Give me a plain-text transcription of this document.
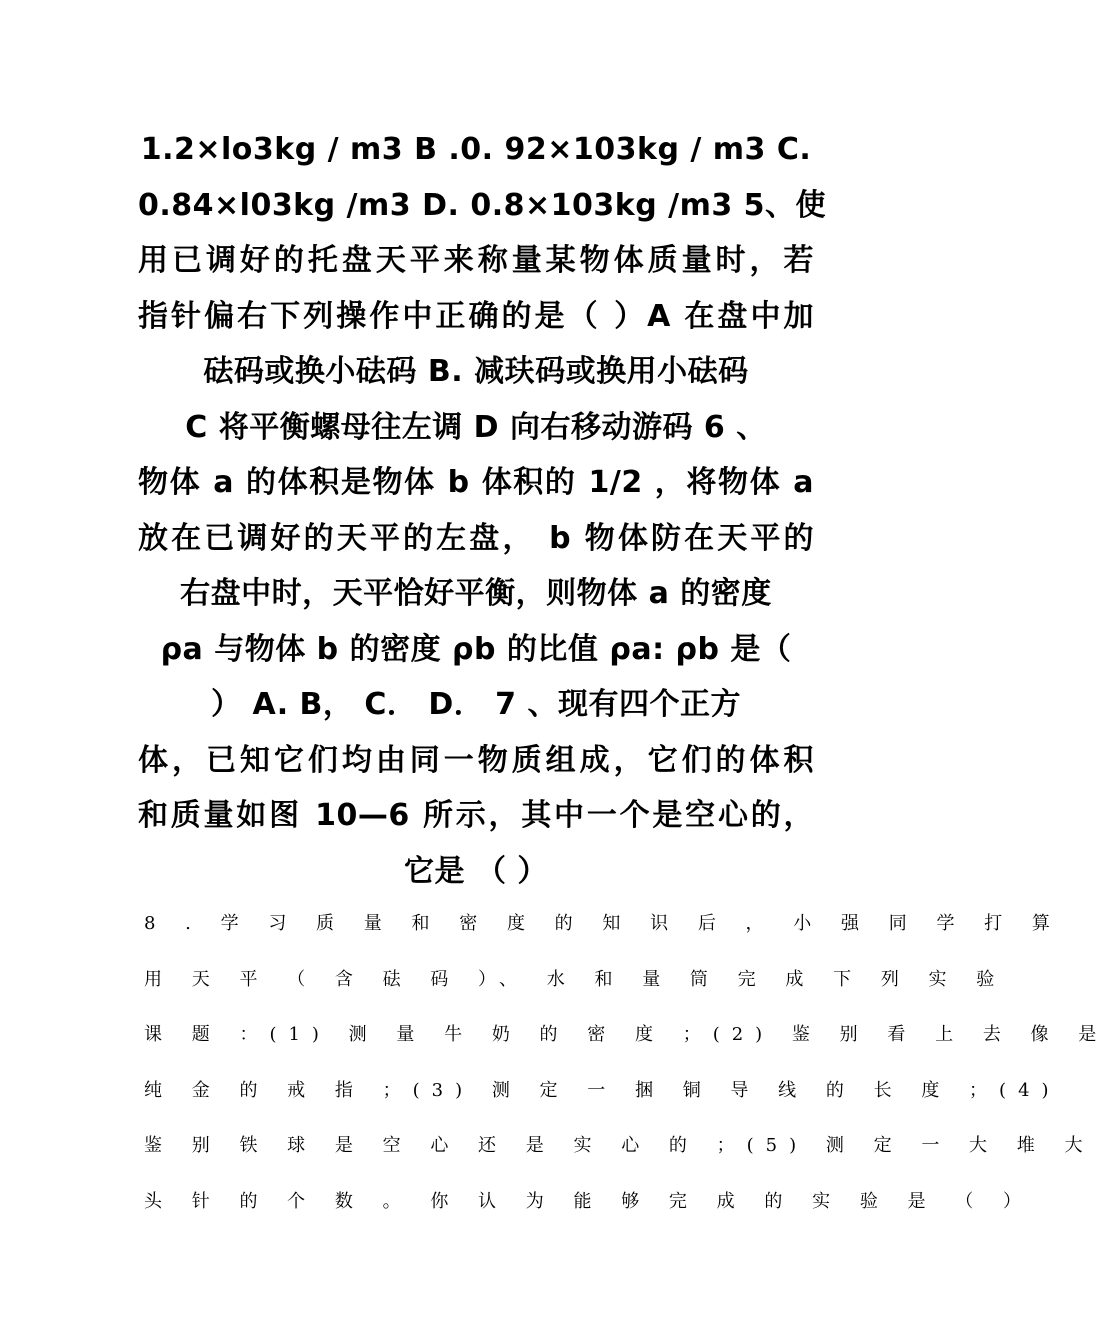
1.2×lo3kg / m3 B .0. 92×103kg / m3 C.
0.84×l03kg /m3 D. 0.8×103kg /m3 5、使
用已调好的托盘天平来称量某物体质量时，若
指针偏右下列操作中正确的是（ ）A 在盘中加
砝码或换小砝码 B. 减玞码或换用小砝码
C 将平衡螺母往左调 D 向右移动游码 6 、
物体 a 的体积是物体 b 体积的 1/2 ，将物体 a
放在已调好的天平的左盘， b 物体防在天平的
右盘中时，天平恰好平衡，则物体 a 的密度
ρa 与物体 b 的密度 ρb 的比值 ρa: ρb 是（
） A. B， C． D． 7 、现有四个正方
体，已知它们均由同一物质组成，它们的体积
和质量如图 10—6 所示，其中一个是空心的，
它是 （ ）
8 . 学 习 质 量 和 密 度 的 知 识 后 ， 小 强 同 学 打 算
用 天 平 （ 含 砝 码 ）、 水 和 量 筒 完 成 下 列 实 验
课 题 ：(1) 测 量 牛 奶 的 密 度 ；(2) 鉴 别 看 上 去 像 是
纯 金 的 戒 指 ；(3) 测 定 一 捆 铜 导 线 的 长 度 ；(4)
鉴 别 铁 球 是 空 心 还 是 实 心 的 ；(5) 测 定 一 大 堆 大
头 针 的 个 数 。 你 认 为 能 够 完 成 的 实 验 是 （ ）
